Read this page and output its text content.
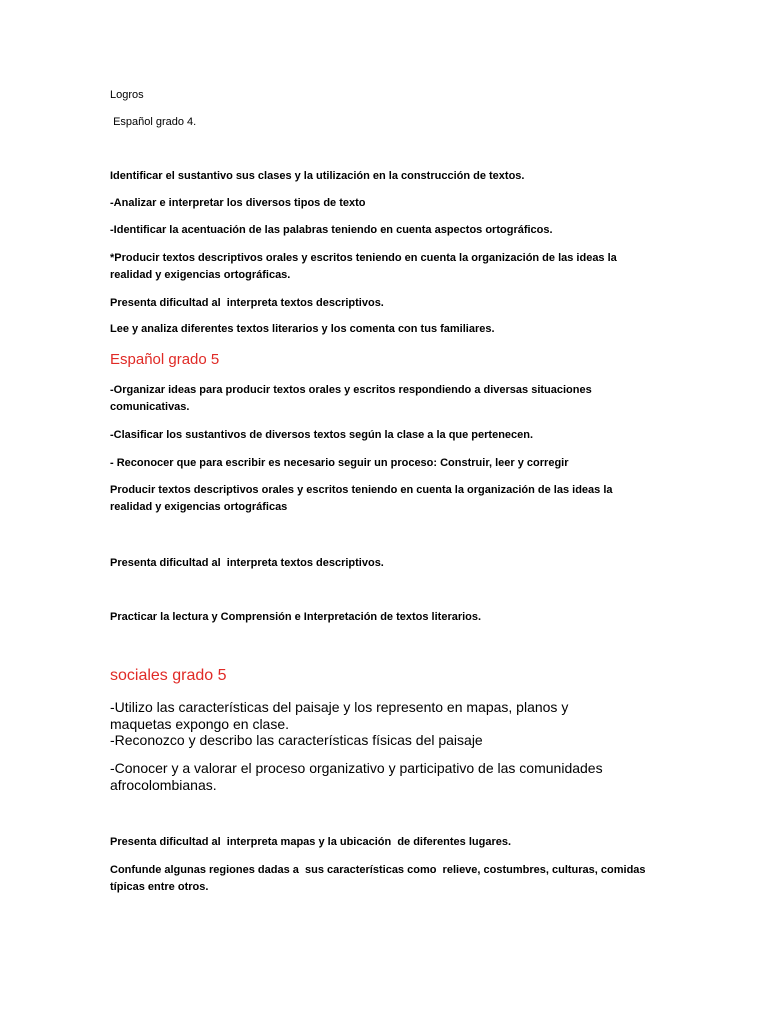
Logros

Español grado 4.

Identificar el sustantivo sus clases y la utilización en la construcción de textos.

-Analizar e interpretar los diversos tipos de texto

-Identificar la acentuación de las palabras teniendo en cuenta aspectos ortográficos.

*Producir textos descriptivos orales y escritos teniendo en cuenta la organización de las ideas la realidad y exigencias ortográficas.

Presenta dificultad al  interpreta textos descriptivos.

Lee y analiza diferentes textos literarios y los comenta con tus familiares.

Español grado 5

-Organizar ideas para producir textos orales y escritos respondiendo a diversas situaciones comunicativas.

-Clasificar los sustantivos de diversos textos según la clase a la que pertenecen.

- Reconocer que para escribir es necesario seguir un proceso: Construir, leer y corregir

Producir textos descriptivos orales y escritos teniendo en cuenta la organización de las ideas la realidad y exigencias ortográficas

Presenta dificultad al  interpreta textos descriptivos.

Practicar la lectura y Comprensión e Interpretación de textos literarios.

sociales grado 5

-Utilizo las características del paisaje y los represento en mapas, planos y maquetas expongo en clase.

-Reconozco y describo las características físicas del paisaje

-Conocer y a valorar el proceso organizativo y participativo de las comunidades afrocolombianas.

Presenta dificultad al  interpreta mapas y la ubicación  de diferentes lugares.

Confunde algunas regiones dadas a  sus características como  relieve, costumbres, culturas, comidas típicas entre otros.
